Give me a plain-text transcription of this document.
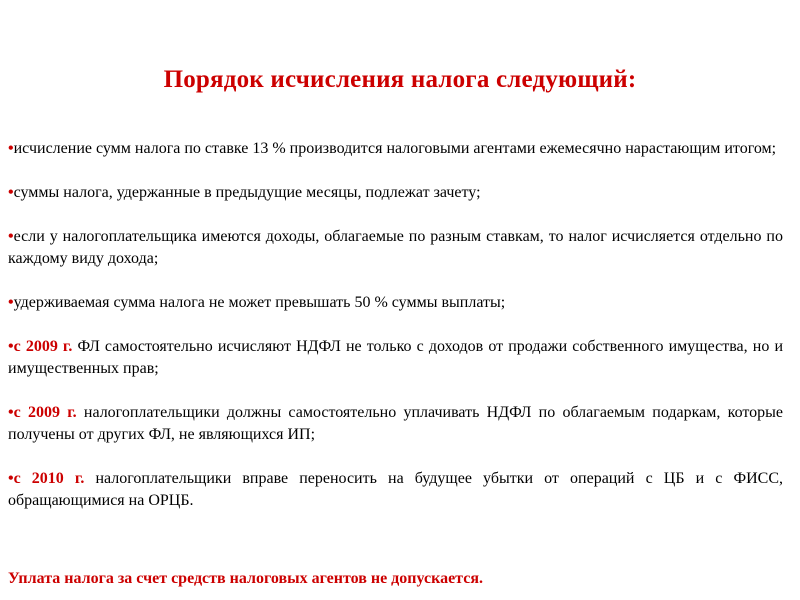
Порядок исчисления налога следующий:

•исчисление сумм налога по ставке 13 % производится налоговыми агентами ежемесячно нарастающим итогом;

•суммы налога, удержанные в предыдущие месяцы, подлежат зачету;

•если у налогоплательщика имеются доходы, облагаемые по разным ставкам, то налог исчисляется отдельно по каждому виду дохода;

•удерживаемая сумма налога не может превышать 50 % суммы выплаты;

•с 2009 г. ФЛ самостоятельно исчисляют НДФЛ не только с доходов от продажи собственного имущества, но и имущественных прав;

•с 2009 г. налогоплательщики должны самостоятельно уплачивать НДФЛ по облагаемым подаркам, которые получены от других ФЛ, не являющихся ИП;

•с 2010 г. налогоплательщики вправе переносить на будущее убытки от операций с ЦБ и с ФИСС, обращающимися на ОРЦБ.

Уплата налога за счет средств налоговых агентов не допускается.
